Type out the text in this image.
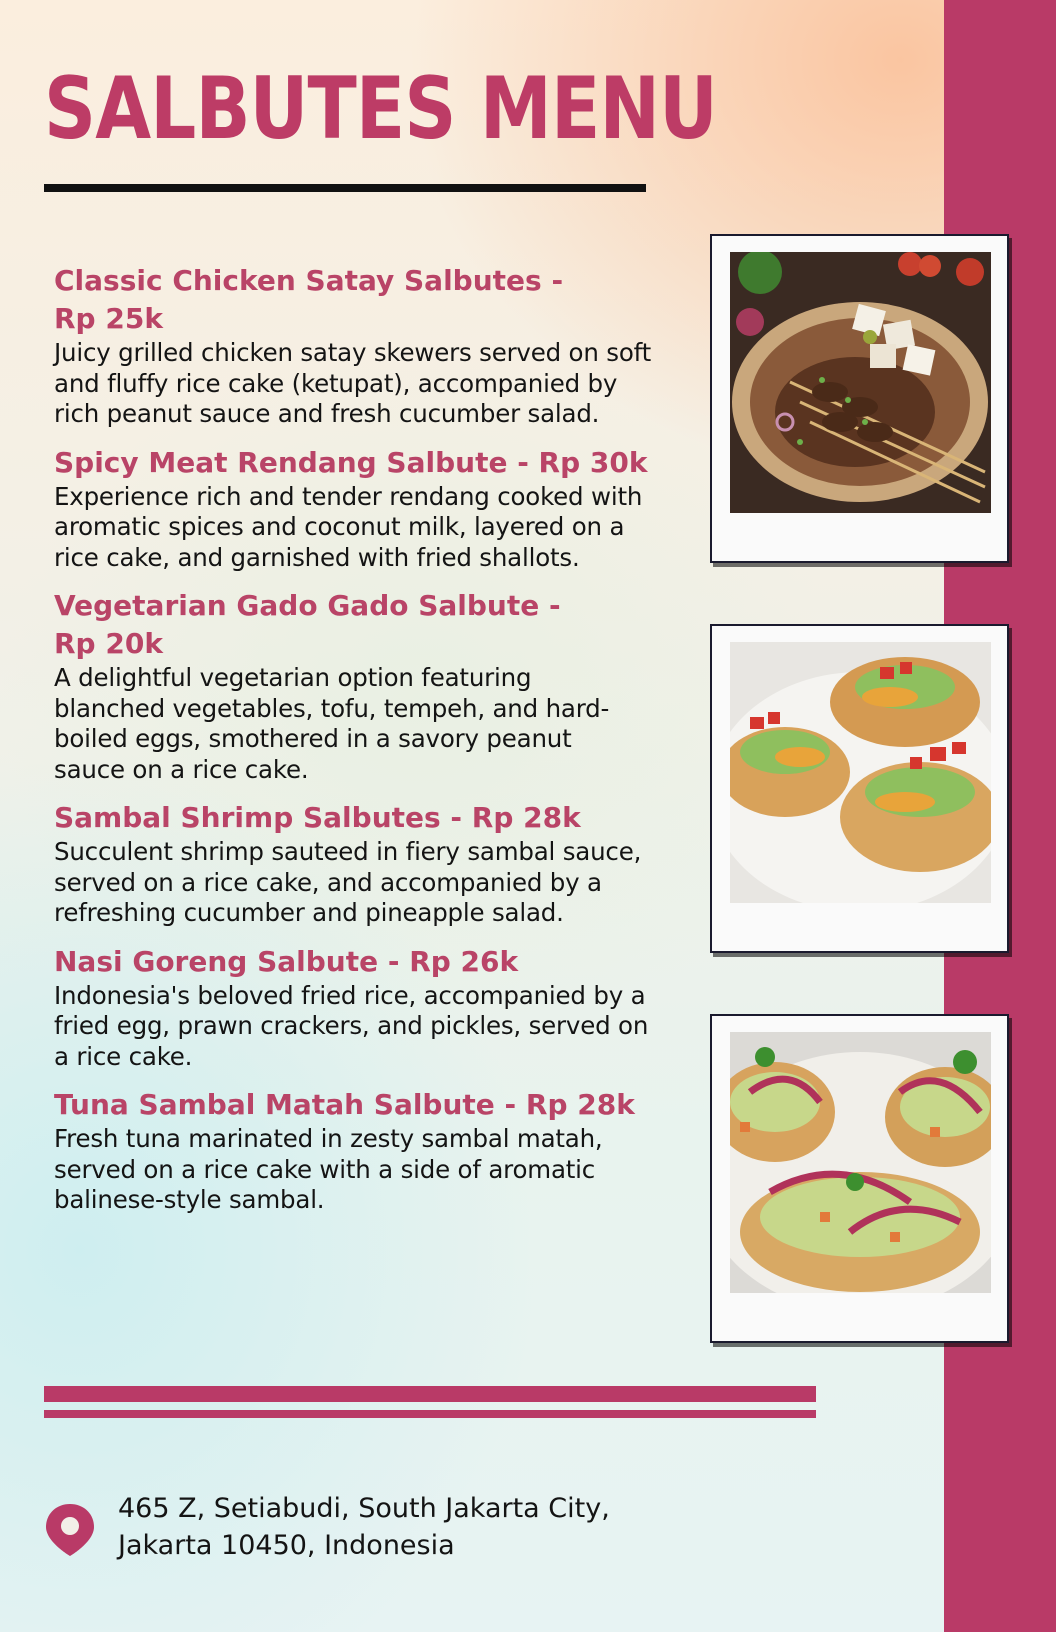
SALBUTES MENU
Classic Chicken Satay Salbutes -
Rp 25k
Juicy grilled chicken satay skewers served on soft and fluffy rice cake (ketupat), accompanied by rich peanut sauce and fresh cucumber salad.
Spicy Meat Rendang Salbute - Rp 30k
Experience rich and tender rendang cooked with aromatic spices and coconut milk, layered on a rice cake, and garnished with fried shallots.
Vegetarian Gado Gado Salbute -
Rp 20k
A delightful vegetarian option featuring blanched vegetables, tofu, tempeh, and hard-boiled eggs, smothered in a savory peanut sauce on a rice cake.
Sambal Shrimp Salbutes - Rp 28k
Succulent shrimp sauteed in fiery sambal sauce, served on a rice cake, and accompanied by a refreshing cucumber and pineapple salad.
Nasi Goreng Salbute - Rp 26k
Indonesia's beloved fried rice, accompanied by a fried egg, prawn crackers, and pickles, served on a rice cake.
Tuna Sambal Matah Salbute - Rp 28k
Fresh tuna marinated in zesty sambal matah, served on a rice cake with a side of aromatic balinese-style sambal.
465 Z, Setiabudi, South Jakarta City,
Jakarta 10450, Indonesia
